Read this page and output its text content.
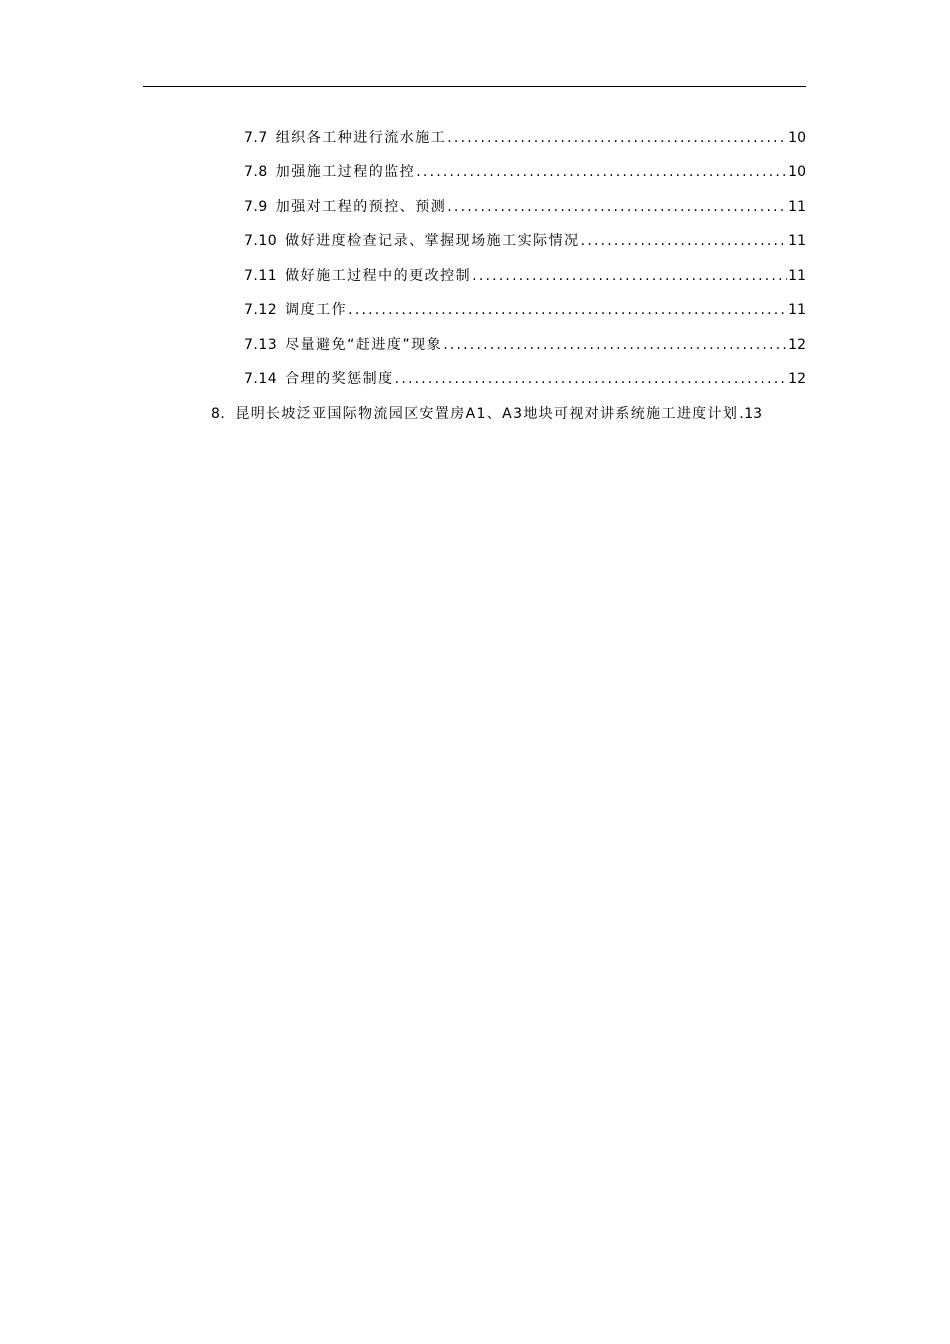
7.7 组织各工种进行流水施工 .....	10
7.8 加强施工过程的监控 .....	10
7.9 加强对工程的预控、预测 .....	11
7.10 做好进度检查记录、掌握现场施工实际情况 .....	11
7.11 做好施工过程中的更改控制 .....	11
7.12 调度工作 .....	11
7.13 尽量避免“赶进度”现象 .....	12
7.14 合理的奖惩制度 .....	12
8. 昆明长坡泛亚国际物流园区安置房A1、A3地块可视对讲系统施工进度计划 . 13
